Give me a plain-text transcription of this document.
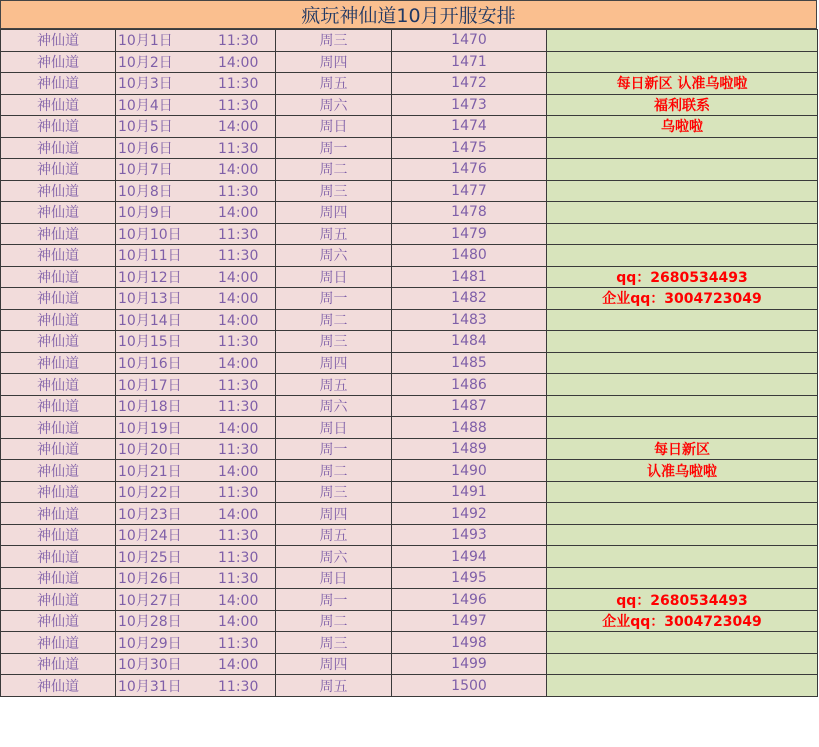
疯玩神仙道10月开服安排
神仙道	10月1日 11:30	周三	1470	
神仙道	10月2日 14:00	周四	1471	
神仙道	10月3日 11:30	周五	1472	每日新区 认准乌啦啦
神仙道	10月4日 11:30	周六	1473	福利联系
神仙道	10月5日 14:00	周日	1474	乌啦啦
神仙道	10月6日 11:30	周一	1475	
神仙道	10月7日 14:00	周二	1476	
神仙道	10月8日 11:30	周三	1477	
神仙道	10月9日 14:00	周四	1478	
神仙道	10月10日 11:30	周五	1479	
神仙道	10月11日 11:30	周六	1480	
神仙道	10月12日 14:00	周日	1481	qq：2680534493
神仙道	10月13日 14:00	周一	1482	企业qq：3004723049
神仙道	10月14日 14:00	周二	1483	
神仙道	10月15日 11:30	周三	1484	
神仙道	10月16日 14:00	周四	1485	
神仙道	10月17日 11:30	周五	1486	
神仙道	10月18日 11:30	周六	1487	
神仙道	10月19日 14:00	周日	1488	
神仙道	10月20日 11:30	周一	1489	每日新区
神仙道	10月21日 14:00	周二	1490	认准乌啦啦
神仙道	10月22日 11:30	周三	1491	
神仙道	10月23日 14:00	周四	1492	
神仙道	10月24日 11:30	周五	1493	
神仙道	10月25日 11:30	周六	1494	
神仙道	10月26日 11:30	周日	1495	
神仙道	10月27日 14:00	周一	1496	qq：2680534493
神仙道	10月28日 14:00	周二	1497	企业qq：3004723049
神仙道	10月29日 11:30	周三	1498	
神仙道	10月30日 14:00	周四	1499	
神仙道	10月31日 11:30	周五	1500	
